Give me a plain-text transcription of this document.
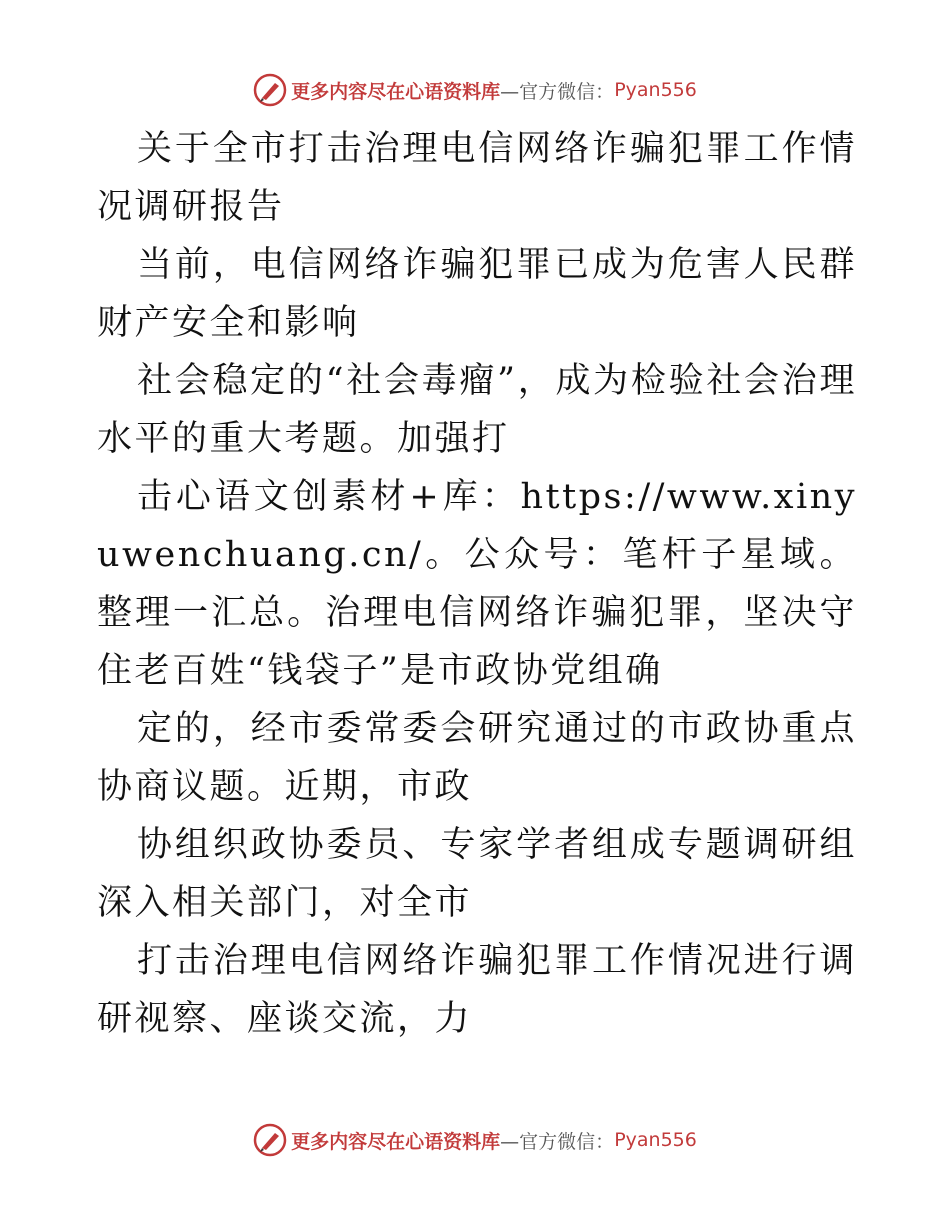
更多内容尽在心语资料库 —官方微信： Pyan556

关于全市打击治理电信网络诈骗犯罪工作情况调研报告

当前，电信网络诈骗犯罪已成为危害人民群财产安全和影响

社会稳定的“社会毒瘤”，成为检验社会治理水平的重大考题。加强打

击心语文创素材+库：https://www.xinyuwenchuang.cn/。公众号：笔杆子星域。整理一汇总。治理电信网络诈骗犯罪，坚决守住老百姓“钱袋子”是市政协党组确

定的，经市委常委会研究通过的市政协重点协商议题。近期，市政

协组织政协委员、专家学者组成专题调研组深入相关部门，对全市

打击治理电信网络诈骗犯罪工作情况进行调研视察、座谈交流，力

更多内容尽在心语资料库 —官方微信： Pyan556
